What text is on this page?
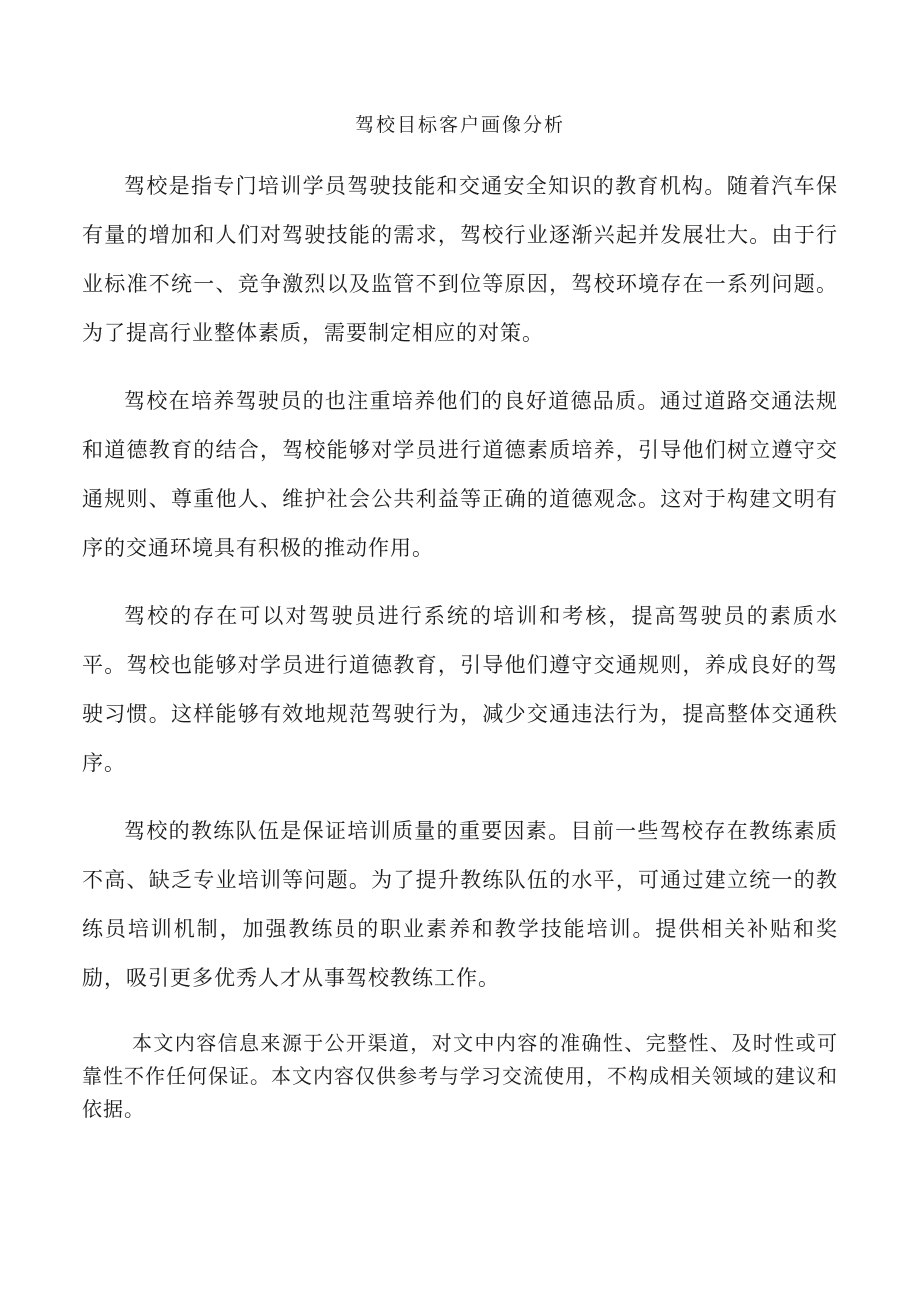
驾校目标客户画像分析

驾校是指专门培训学员驾驶技能和交通安全知识的教育机构。随着汽车保有量的增加和人们对驾驶技能的需求，驾校行业逐渐兴起并发展壮大。由于行业标准不统一、竞争激烈以及监管不到位等原因，驾校环境存在一系列问题。为了提高行业整体素质，需要制定相应的对策。

驾校在培养驾驶员的也注重培养他们的良好道德品质。通过道路交通法规和道德教育的结合，驾校能够对学员进行道德素质培养，引导他们树立遵守交通规则、尊重他人、维护社会公共利益等正确的道德观念。这对于构建文明有序的交通环境具有积极的推动作用。

驾校的存在可以对驾驶员进行系统的培训和考核，提高驾驶员的素质水平。驾校也能够对学员进行道德教育，引导他们遵守交通规则，养成良好的驾驶习惯。这样能够有效地规范驾驶行为，减少交通违法行为，提高整体交通秩序。

驾校的教练队伍是保证培训质量的重要因素。目前一些驾校存在教练素质不高、缺乏专业培训等问题。为了提升教练队伍的水平，可通过建立统一的教练员培训机制，加强教练员的职业素养和教学技能培训。提供相关补贴和奖励，吸引更多优秀人才从事驾校教练工作。

本文内容信息来源于公开渠道，对文中内容的准确性、完整性、及时性或可靠性不作任何保证。本文内容仅供参考与学习交流使用，不构成相关领域的建议和依据。
